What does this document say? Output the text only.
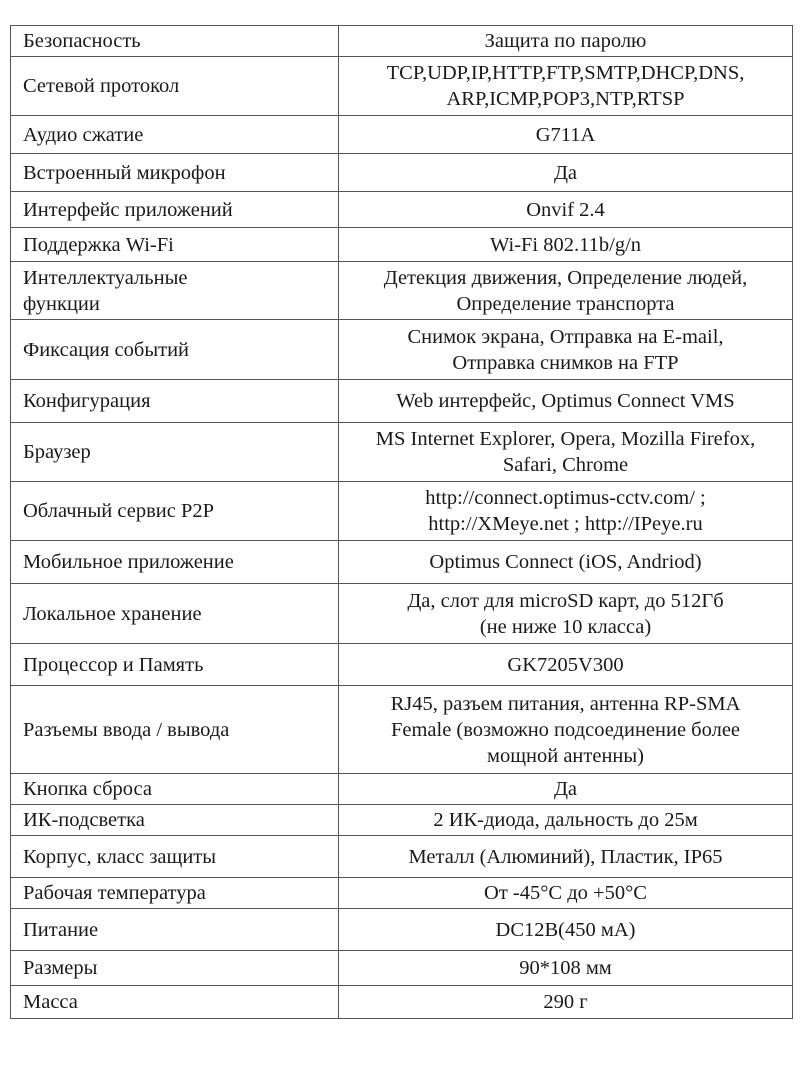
Безопасность	Защита по паролю
Сетевой протокол	TCP,UDP,IP,HTTP,FTP,SMTP,DHCP,DNS,
ARP,ICMP,POP3,NTP,RTSP
Аудио сжатие	G711A
Встроенный микрофон	Да
Интерфейс приложений	Onvif 2.4
Поддержка Wi-Fi	Wi-Fi 802.11b/g/n
Интеллектуальные
функции	Детекция движения, Определение людей,
Определение транспорта
Фиксация событий	Снимок экрана, Отправка на E-mail,
Отправка снимков на FTP
Конфигурация	Web интерфейс, Optimus Connect VMS
Браузер	MS Internet Explorer, Opera, Mozilla Firefox,
Safari, Chrome
Облачный сервис P2P	http://connect.optimus-cctv.com/ ;
http://XMeye.net ; http://IPeye.ru
Мобильное приложение	Optimus Connect (iOS, Andriod)
Локальное хранение	Да, слот для microSD карт, до 512Гб
(не ниже 10 класса)
Процессор и Память	GK7205V300
Разъемы ввода / вывода	RJ45, разъем питания, антенна RP-SMA
Female (возможно подсоединение более
мощной антенны)
Кнопка сброса	Да
ИК-подсветка	2 ИК-диода, дальность до 25м
Корпус, класс защиты	Металл (Алюминий), Пластик, IP65
Рабочая температура	От -45°C до +50°C
Питание	DC12В(450 мА)
Размеры	90*108 мм
Масса	290 г
